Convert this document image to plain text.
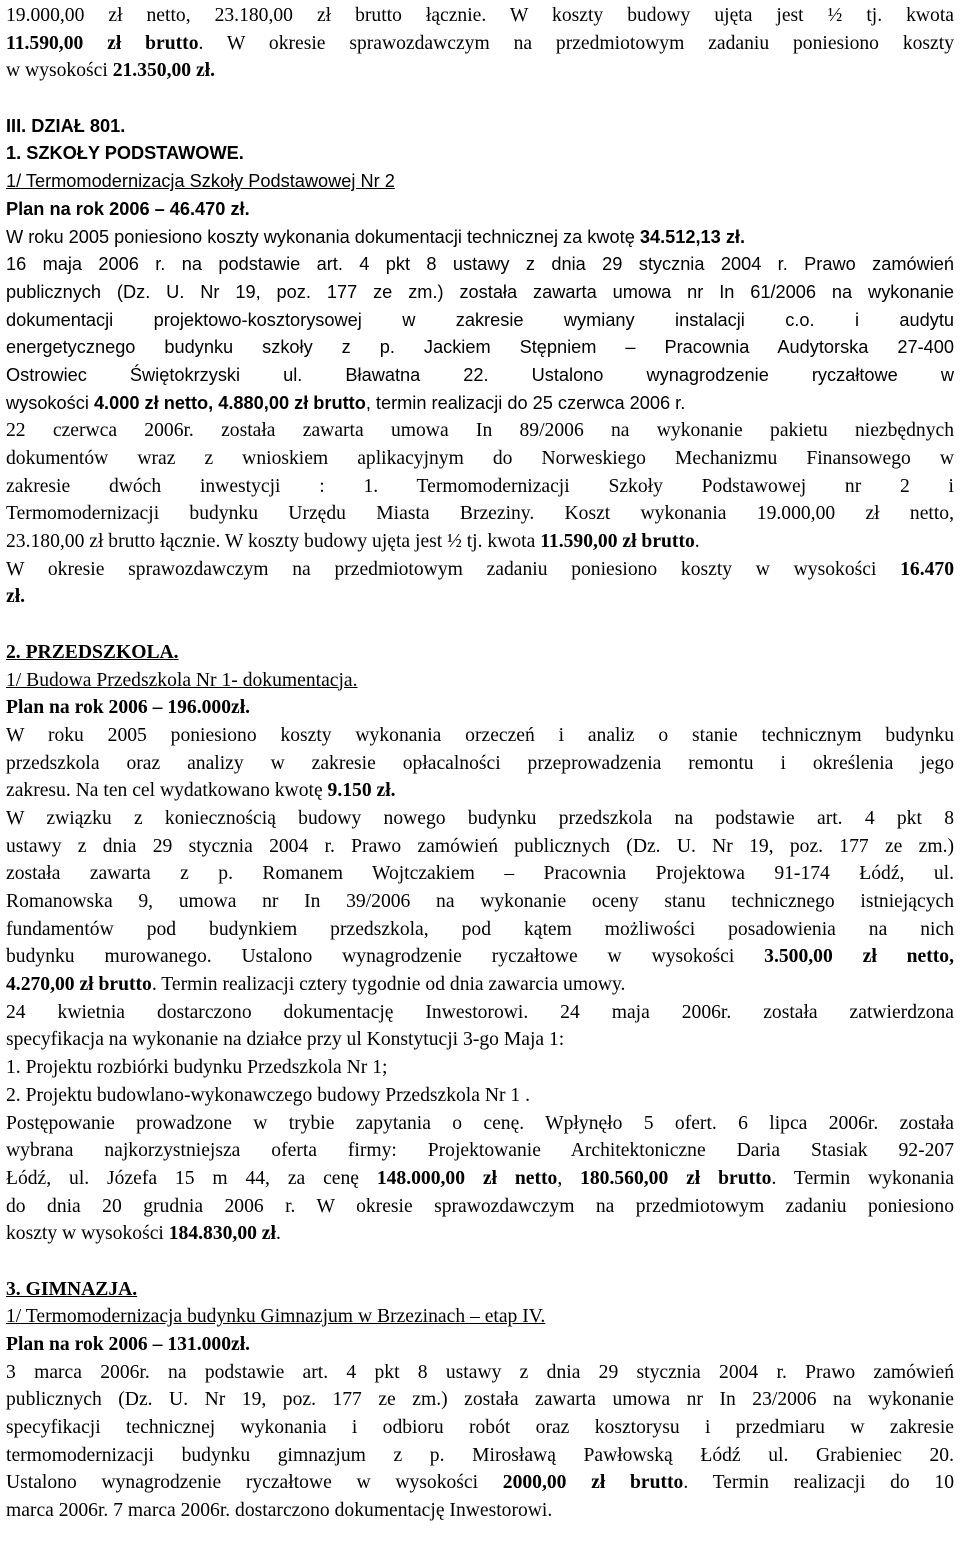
19.000,00 zł netto, 23.180,00 zł brutto łącznie. W koszty budowy ujęta jest ½ tj. kwota
11.590,00 zł brutto. W okresie sprawozdawczym na przedmiotowym zadaniu poniesiono koszty
w wysokości 21.350,00 zł.
III. DZIAŁ 801.
1. SZKOŁY PODSTAWOWE.
1/ Termomodernizacja Szkoły Podstawowej Nr 2
Plan na rok 2006 – 46.470 zł.
W roku 2005 poniesiono koszty wykonania dokumentacji technicznej za kwotę 34.512,13 zł.
16 maja 2006 r. na podstawie art. 4 pkt 8 ustawy z dnia 29 stycznia 2004 r. Prawo zamówień
publicznych (Dz. U. Nr 19, poz. 177 ze zm.) została zawarta umowa nr In 61/2006 na wykonanie
dokumentacji projektowo-kosztorysowej w zakresie wymiany instalacji c.o. i audytu
energetycznego budynku szkoły z p. Jackiem Stępniem – Pracownia Audytorska 27-400
Ostrowiec Świętokrzyski ul. Bławatna 22. Ustalono wynagrodzenie ryczałtowe w
wysokości 4.000 zł netto, 4.880,00 zł brutto, termin realizacji do 25 czerwca 2006 r.
22 czerwca 2006r. została zawarta umowa In 89/2006 na wykonanie pakietu niezbędnych
dokumentów wraz z wnioskiem aplikacyjnym do Norweskiego Mechanizmu Finansowego w
zakresie dwóch inwestycji : 1. Termomodernizacji Szkoły Podstawowej nr 2 i
Termomodernizacji budynku Urzędu Miasta Brzeziny. Koszt wykonania 19.000,00 zł netto,
23.180,00 zł brutto łącznie. W koszty budowy ujęta jest ½ tj. kwota 11.590,00 zł brutto.
W okresie sprawozdawczym na przedmiotowym zadaniu poniesiono koszty w wysokości 16.470
zł.
2. PRZEDSZKOLA.
1/ Budowa Przedszkola Nr 1- dokumentacja.
Plan na rok 2006 – 196.000zł.
W roku 2005 poniesiono koszty wykonania orzeczeń i analiz o stanie technicznym budynku
przedszkola oraz analizy w zakresie opłacalności przeprowadzenia remontu i określenia jego
zakresu. Na ten cel wydatkowano kwotę 9.150 zł.
W związku z koniecznością budowy nowego budynku przedszkola na podstawie art. 4 pkt 8
ustawy z dnia 29 stycznia 2004 r. Prawo zamówień publicznych (Dz. U. Nr 19, poz. 177 ze zm.)
została zawarta z p. Romanem Wojtczakiem – Pracownia Projektowa 91-174 Łódź, ul.
Romanowska 9, umowa nr In 39/2006 na wykonanie oceny stanu technicznego istniejących
fundamentów pod budynkiem przedszkola, pod kątem możliwości posadowienia na nich
budynku murowanego. Ustalono wynagrodzenie ryczałtowe w wysokości 3.500,00 zł netto,
4.270,00 zł brutto. Termin realizacji cztery tygodnie od dnia zawarcia umowy.
24 kwietnia dostarczono dokumentację Inwestorowi. 24 maja 2006r. została zatwierdzona
specyfikacja na wykonanie na działce przy ul Konstytucji 3-go Maja 1:
1. Projektu rozbiórki budynku Przedszkola Nr 1;
2. Projektu budowlano-wykonawczego budowy Przedszkola Nr 1 .
Postępowanie prowadzone w trybie zapytania o cenę. Wpłynęło 5 ofert. 6 lipca 2006r. została
wybrana najkorzystniejsza oferta firmy: Projektowanie Architektoniczne Daria Stasiak 92-207
Łódź, ul. Józefa 15 m 44, za cenę 148.000,00 zł netto, 180.560,00 zł brutto. Termin wykonania
do dnia 20 grudnia 2006 r. W okresie sprawozdawczym na przedmiotowym zadaniu poniesiono
koszty w wysokości 184.830,00 zł.
3. GIMNAZJA.
1/ Termomodernizacja budynku Gimnazjum w Brzezinach – etap IV.
Plan na rok 2006 – 131.000zł.
3 marca 2006r. na podstawie art. 4 pkt 8 ustawy z dnia 29 stycznia 2004 r. Prawo zamówień
publicznych (Dz. U. Nr 19, poz. 177 ze zm.) została zawarta umowa nr In 23/2006 na wykonanie
specyfikacji technicznej wykonania i odbioru robót oraz kosztorysu i przedmiaru w zakresie
termomodernizacji budynku gimnazjum z p. Mirosławą Pawłowską Łódź ul. Grabieniec 20.
Ustalono wynagrodzenie ryczałtowe w wysokości 2000,00 zł brutto. Termin realizacji do 10
marca 2006r. 7 marca 2006r. dostarczono dokumentację Inwestorowi.
